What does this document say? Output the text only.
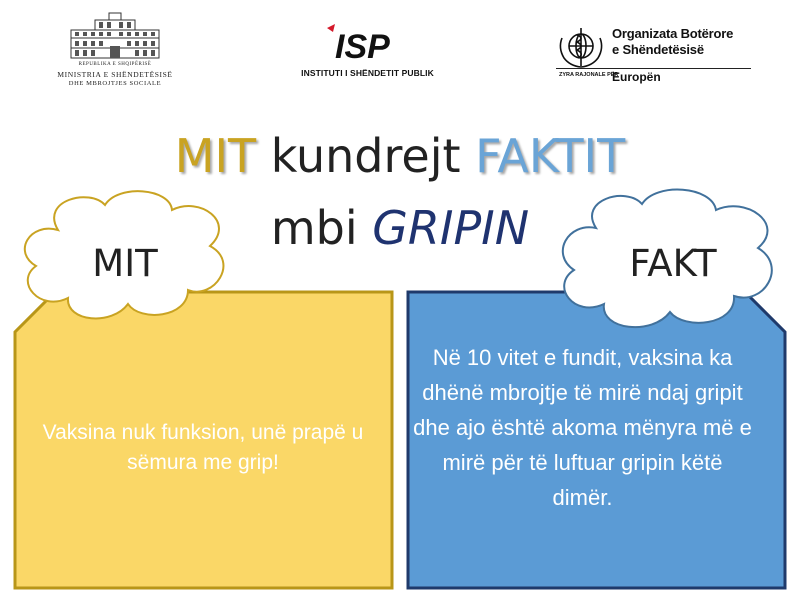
REPUBLIKA E SHQIPËRISË
MINISTRIA E SHËNDETËSISË
DHE MBROJTJES SOCIALE
ISP
INSTITUTI I SHËNDETIT PUBLIK
Organizata Botërore
e Shëndetësisë
ZYRA RAJONALE PËR
Europën
MIT kundrejt FAKTIT
mbi GRIPIN
MIT	FAKT
Vaksina nuk funksion, unë prapë u sëmura me grip!
Në 10 vitet e fundit, vaksina ka dhënë mbrojtje të mirë ndaj gripit dhe ajo është akoma mënyra më e mirë për të luftuar gripin këtë dimër.
